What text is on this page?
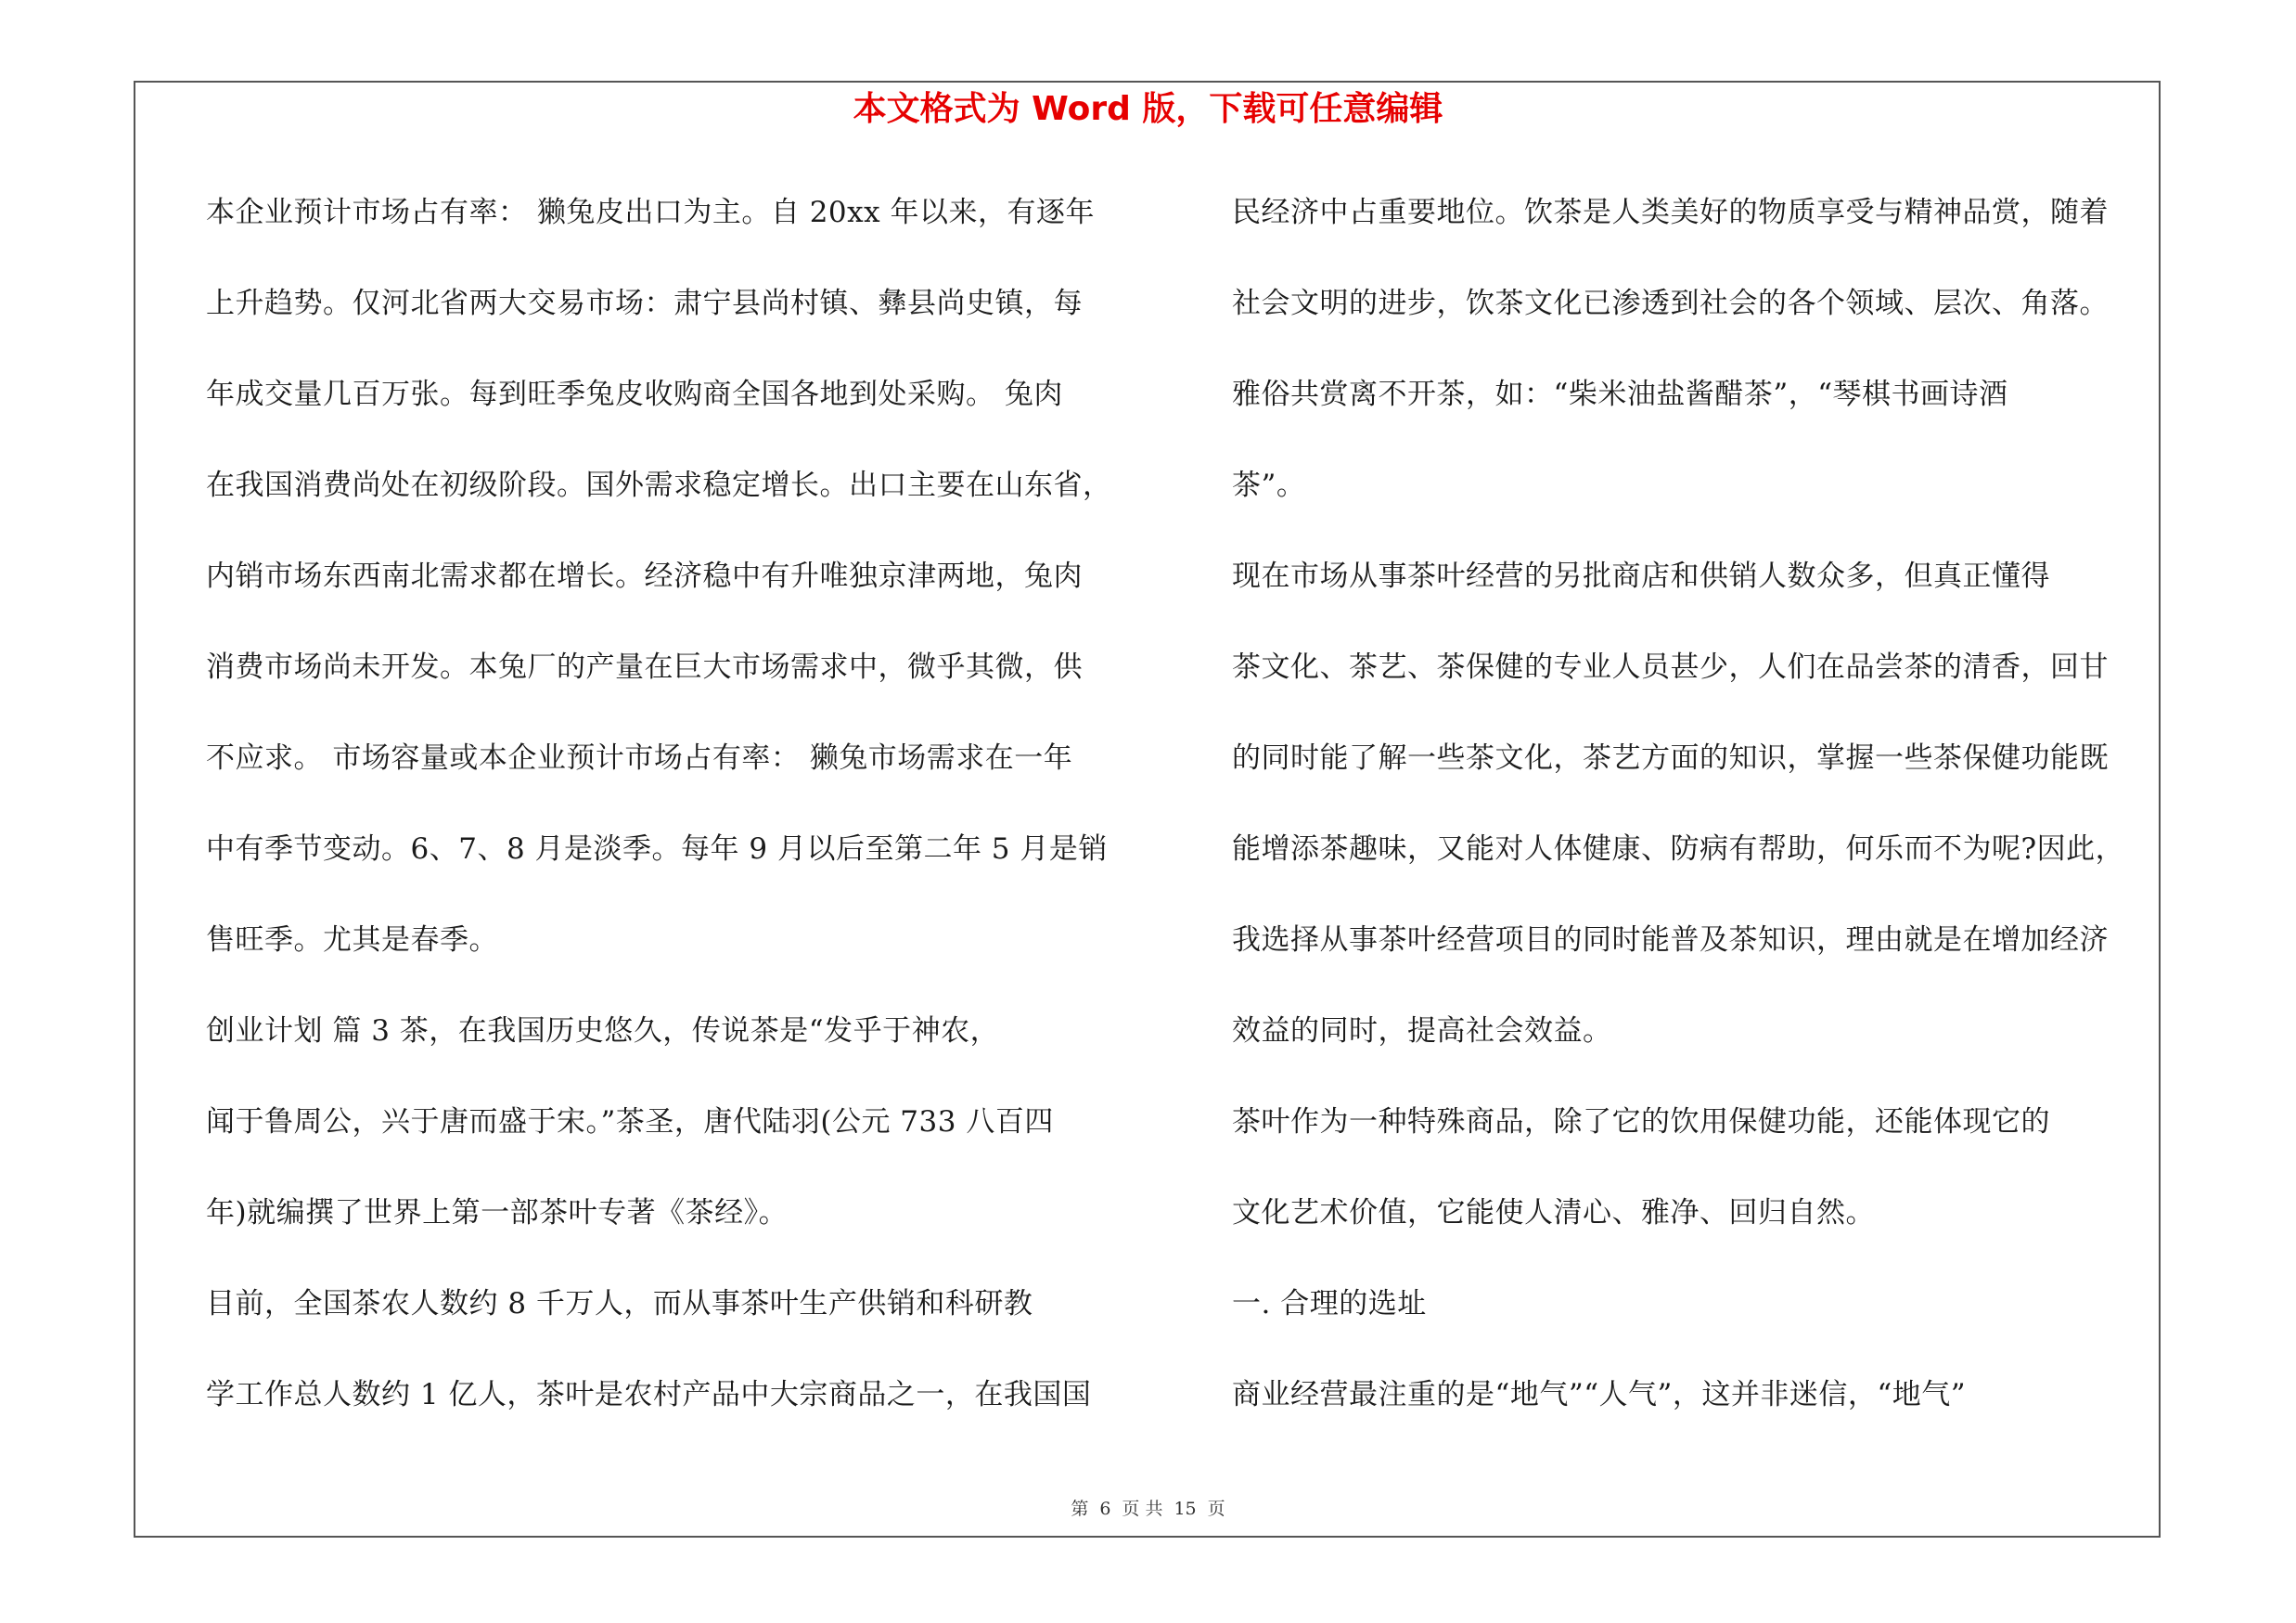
本文格式为 Word 版，下载可任意编辑
本企业预计市场占有率： 獭兔皮出口为主。自 20xx 年以来，有逐年
上升趋势。仅河北省两大交易市场：肃宁县尚村镇、彝县尚史镇，每
年成交量几百万张。每到旺季兔皮收购商全国各地到处采购。 兔肉
在我国消费尚处在初级阶段。国外需求稳定增长。出口主要在山东省，
内销市场东西南北需求都在增长。经济稳中有升唯独京津两地，兔肉
消费市场尚未开发。本兔厂的产量在巨大市场需求中，微乎其微，供
不应求。 市场容量或本企业预计市场占有率： 獭兔市场需求在一年
中有季节变动。6、7、8 月是淡季。每年 9 月以后至第二年 5 月是销
售旺季。尤其是春季。
创业计划 篇 3 茶，在我国历史悠久，传说茶是“发乎于神农，
闻于鲁周公，兴于唐而盛于宋。”茶圣，唐代陆羽(公元 733 八百四
年)就编撰了世界上第一部茶叶专著《茶经》。
目前，全国茶农人数约 8 千万人，而从事茶叶生产供销和科研教
学工作总人数约 1 亿人，茶叶是农村产品中大宗商品之一，在我国国
民经济中占重要地位。饮茶是人类美好的物质享受与精神品赏，随着
社会文明的进步，饮茶文化已渗透到社会的各个领域、层次、角落。
雅俗共赏离不开茶，如：“柴米油盐酱醋茶”，“琴棋书画诗酒
茶”。
现在市场从事茶叶经营的另批商店和供销人数众多，但真正懂得
茶文化、茶艺、茶保健的专业人员甚少，人们在品尝茶的清香，回甘
的同时能了解一些茶文化，茶艺方面的知识，掌握一些茶保健功能既
能增添茶趣味，又能对人体健康、防病有帮助，何乐而不为呢?因此，
我选择从事茶叶经营项目的同时能普及茶知识，理由就是在增加经济
效益的同时，提高社会效益。
茶叶作为一种特殊商品，除了它的饮用保健功能，还能体现它的
文化艺术价值，它能使人清心、雅净、回归自然。
一. 合理的选址
商业经营最注重的是“地气”“人气”，这并非迷信，“地气”
第 6 页 共 15 页
